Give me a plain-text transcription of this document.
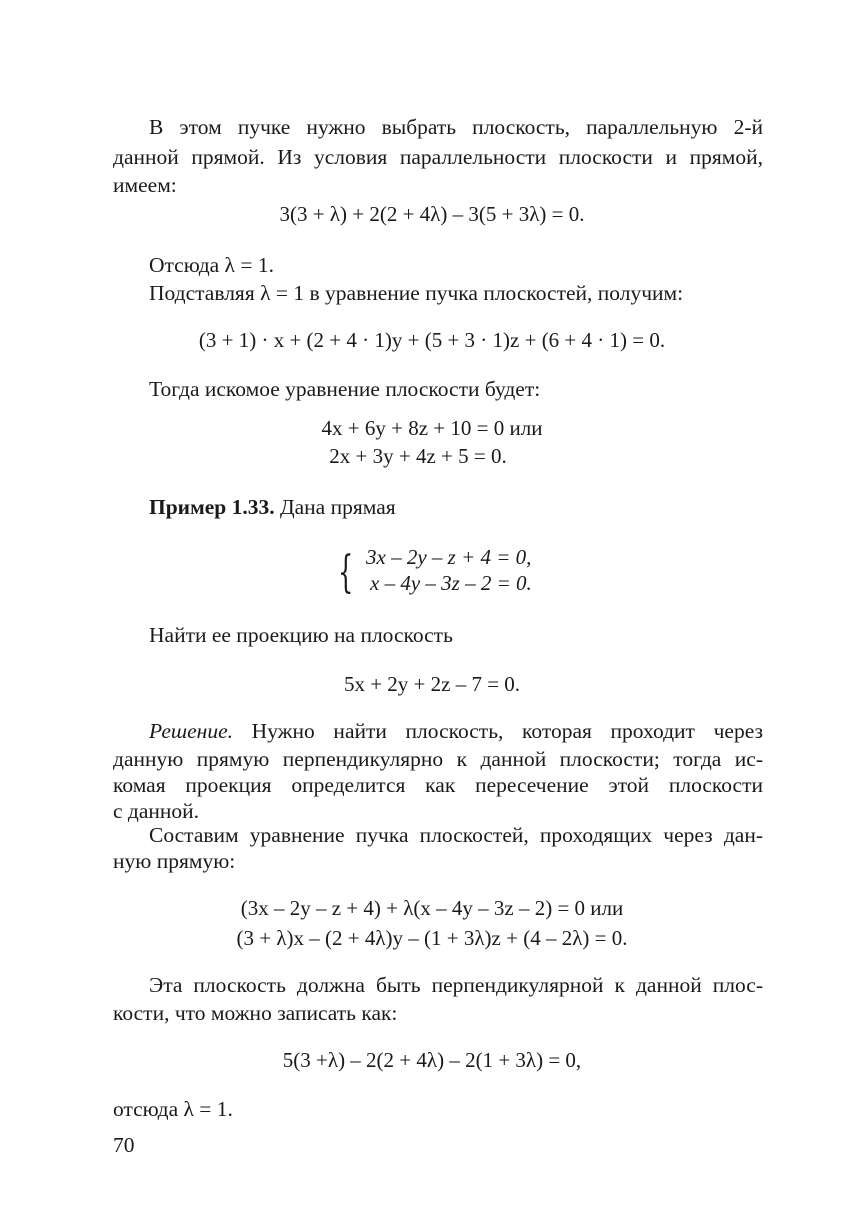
В этом пучке нужно выбрать плоскость, параллельную 2-й
данной прямой. Из условия параллельности плоскости и прямой,
имеем:
3(3 + λ) + 2(2 + 4λ) – 3(5 + 3λ) = 0.
Отсюда λ = 1.
Подставляя λ = 1 в уравнение пучка плоскостей, получим:
(3 + 1) · x + (2 + 4 · 1)y + (5 + 3 · 1)z + (6 + 4 · 1) = 0.
Тогда искомое уравнение плоскости будет:
4x + 6y + 8z + 10 = 0 или
2x + 3y + 4z + 5 = 0.
Пример 1.33. Дана прямая
{ 3x – 2y – z + 4 = 0,
x – 4y – 3z – 2 = 0.
Найти ее проекцию на плоскость
5x + 2y + 2z – 7 = 0.
Решение. Нужно найти плоскость, которая проходит через
данную прямую перпендикулярно к данной плоскости; тогда ис-
комая проекция определится как пересечение этой плоскости
с данной.
Составим уравнение пучка плоскостей, проходящих через дан-
ную прямую:
(3x – 2y – z + 4) + λ(x – 4y – 3z – 2) = 0 или
(3 + λ)x – (2 + 4λ)y – (1 + 3λ)z + (4 – 2λ) = 0.
Эта плоскость должна быть перпендикулярной к данной плос-
кости, что можно записать как:
5(3 +λ) – 2(2 + 4λ) – 2(1 + 3λ) = 0,
отсюда λ = 1.
70
